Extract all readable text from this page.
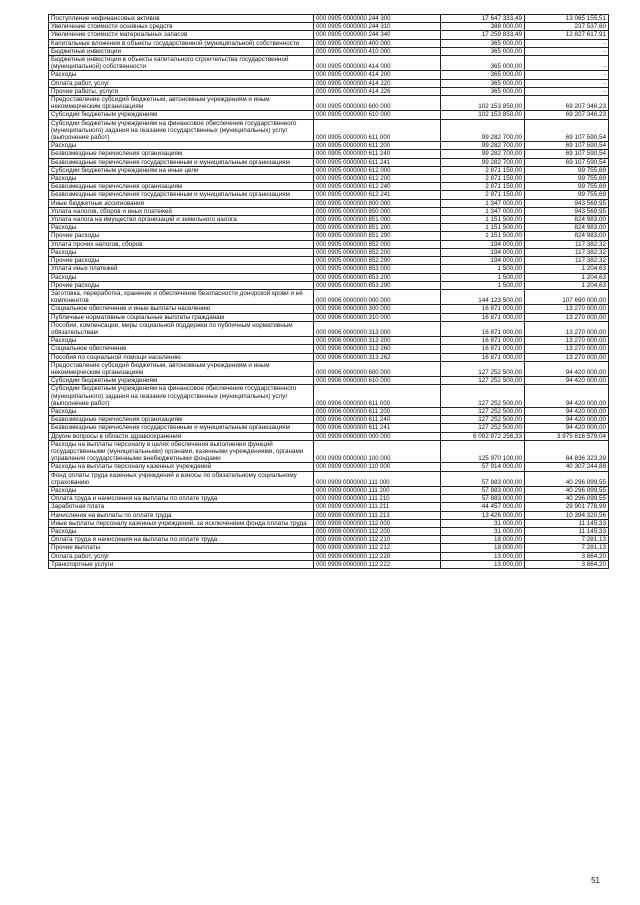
Поступление нефинансовых активов	000 0905 0000000 244 300	17 647 333,49	13 065 155,51
Увеличение стоимости основных средств	000 0905 0000000 244 310	388 000,00	237 537,60
Увеличение стоимости материальных запасов	000 0905 0000000 244 340	17 259 833,49	12 827 617,91
Капитальные вложения в объекты государственной (муниципальной) собственности	000 0905 0000000 400 000	365 000,00	-
Бюджетные инвестиции	000 0905 0000000 410 000	365 000,00	-
Бюджетные инвестиции в объекты капитального строительства государственной (муниципальной) собственности	000 0905 0000000 414 000	365 000,00	-
Расходы	000 0905 0000000 414 200	365 000,00	-
Оплата работ, услуг	000 0905 0000000 414 220	365 000,00	-
Прочие работы, услуги	000 0905 0000000 414 226	365 000,00	-
Предоставление субсидий бюджетным, автономным учреждениям и иным некоммерческим организациям	000 0905 0000000 600 000	102 153 850,00	69 207 346,23
Субсидии бюджетным учреждениям	000 0905 0000000 610 000	102 153 850,00	69 207 346,23
Субсидии бюджетным учреждениям на финансовое обеспечение государственного (муниципального) задания на оказание государственных (муниципальных) услуг (выполнение работ)	000 0905 0000000 611 000	99 282 700,00	69 107 590,54
Расходы	000 0905 0000000 611 200	99 282 700,00	69 107 590,54
Безвозмездные перечисления организациям	000 0905 0000000 611 240	99 282 700,00	69 107 590,54
Безвозмездные перечисления государственным и муниципальным организациям	000 0905 0000000 611 241	99 282 700,00	69 107 590,54
Субсидии бюджетным учреждениям на иные цели	000 0905 0000000 612 000	2 871 150,00	99 755,69
Расходы	000 0905 0000000 612 200	2 871 150,00	99 755,69
Безвозмездные перечисления организациям	000 0905 0000000 612 240	2 871 150,00	99 755,69
Безвозмездные перечисления государственным и муниципальным организациям	000 0905 0000000 612 241	2 871 150,00	99 755,69
Иные бюджетные ассигнования	000 0905 0000000 800 000	1 347 000,00	943 569,95
Уплата налогов, сборов и иных платежей	000 0905 0000000 850 000	1 347 000,00	943 569,95
Уплата налога на имущество организаций и земельного налога	000 0905 0000000 851 000	1 151 500,00	824 983,00
Расходы	000 0905 0000000 851 200	1 151 500,00	824 983,00
Прочие расходы	000 0905 0000000 851 290	1 151 500,00	824 983,00
Уплата прочих налогов, сборов	000 0905 0000000 852 000	194 000,00	117 382,32
Расходы	000 0905 0000000 852 200	194 000,00	117 382,32
Прочие расходы	000 0905 0000000 852 290	194 000,00	117 382,32
Уплата иных платежей	000 0905 0000000 853 000	1 500,00	1 204,63
Расходы	000 0905 0000000 853 200	1 500,00	1 204,63
Прочие расходы	000 0905 0000000 853 290	1 500,00	1 204,63
Заготовка, переработка, хранение и обеспечение безопасности донорской крови и её компонентов	000 0906 0000000 000 000	144 123 500,00	107 690 000,00
Социальное обеспечение и иные выплаты населению	000 0906 0000000 300 000	16 871 000,00	13 270 000,00
Публичные нормативные социальные выплаты гражданам	000 0906 0000000 310 000	16 871 000,00	13 270 000,00
Пособия, компенсации, меры социальной поддержки по публичным нормативным обязательствам	000 0906 0000000 313 000	16 871 000,00	13 270 000,00
Расходы	000 0906 0000000 313 200	16 871 000,00	13 270 000,00
Социальное обеспечение	000 0906 0000000 313 260	16 871 000,00	13 270 000,00
Пособия по социальной помощи населению	000 0906 0000000 313 262	16 871 000,00	13 270 000,00
Предоставление субсидий бюджетным, автономным учреждениям и иным некоммерческим организациям	000 0906 0000000 600 000	127 252 500,00	94 420 000,00
Субсидии бюджетным учреждениям	000 0906 0000000 610 000	127 252 500,00	94 420 000,00
Субсидии бюджетным учреждениям на финансовое обеспечение государственного (муниципального) задания на оказание государственных (муниципальных) услуг (выполнение работ)	000 0906 0000000 611 000	127 252 500,00	94 420 000,00
Расходы	000 0906 0000000 611 200	127 252 500,00	94 420 000,00
Безвозмездные перечисления организациям	000 0906 0000000 611 240	127 252 500,00	94 420 000,00
Безвозмездные перечисления государственным и муниципальным организациям	000 0906 0000000 611 241	127 252 500,00	94 420 000,00
Другие вопросы в области здравоохранения	000 0909 0000000 000 000	6 002 972 256,33	3 975 816 579,04
Расходы на выплаты персоналу в целях обеспечения выполнения функций государственными (муниципальными) органами, казенными учреждениями, органами управления государственными внебюджетными фондами	000 0909 0000000 100 000	125 970 100,00	84 836 323,39
Расходы на выплаты персоналу казенных учреждений	000 0909 0000000 110 000	57 914 000,00	40 307 244,88
Фонд оплаты труда казенных учреждений и взносы по обязательному социальному страхованию	000 0909 0000000 111 000	57 883 000,00	40 296 099,55
Расходы	000 0909 0000000 111 200	57 883 000,00	40 296 099,55
Оплата труда и начисления на выплаты по оплате труда	000 0909 0000000 111 210	57 883 000,00	40 296 099,55
Заработная плата	000 0909 0000000 111 211	44 457 000,00	29 901 778,99
Начисления на выплаты по оплате труда	000 0909 0000000 111 213	13 426 000,00	10 394 320,56
Иные выплаты персоналу казенных учреждений, за исключением фонда оплаты труда	000 0909 0000000 112 000	31 000,00	11 145,33
Расходы	000 0909 0000000 112 200	31 000,00	11 145,33
Оплата труда и начисления на выплаты по оплате труда	000 0909 0000000 112 210	18 000,00	7 281,13
Прочие выплаты	000 0909 0000000 112 212	18 000,00	7 281,13
Оплата работ, услуг	000 0909 0000000 112 220	13 000,00	3 864,20
Транспортные услуги	000 0909 0000000 112 222	13 000,00	3 864,20
51
